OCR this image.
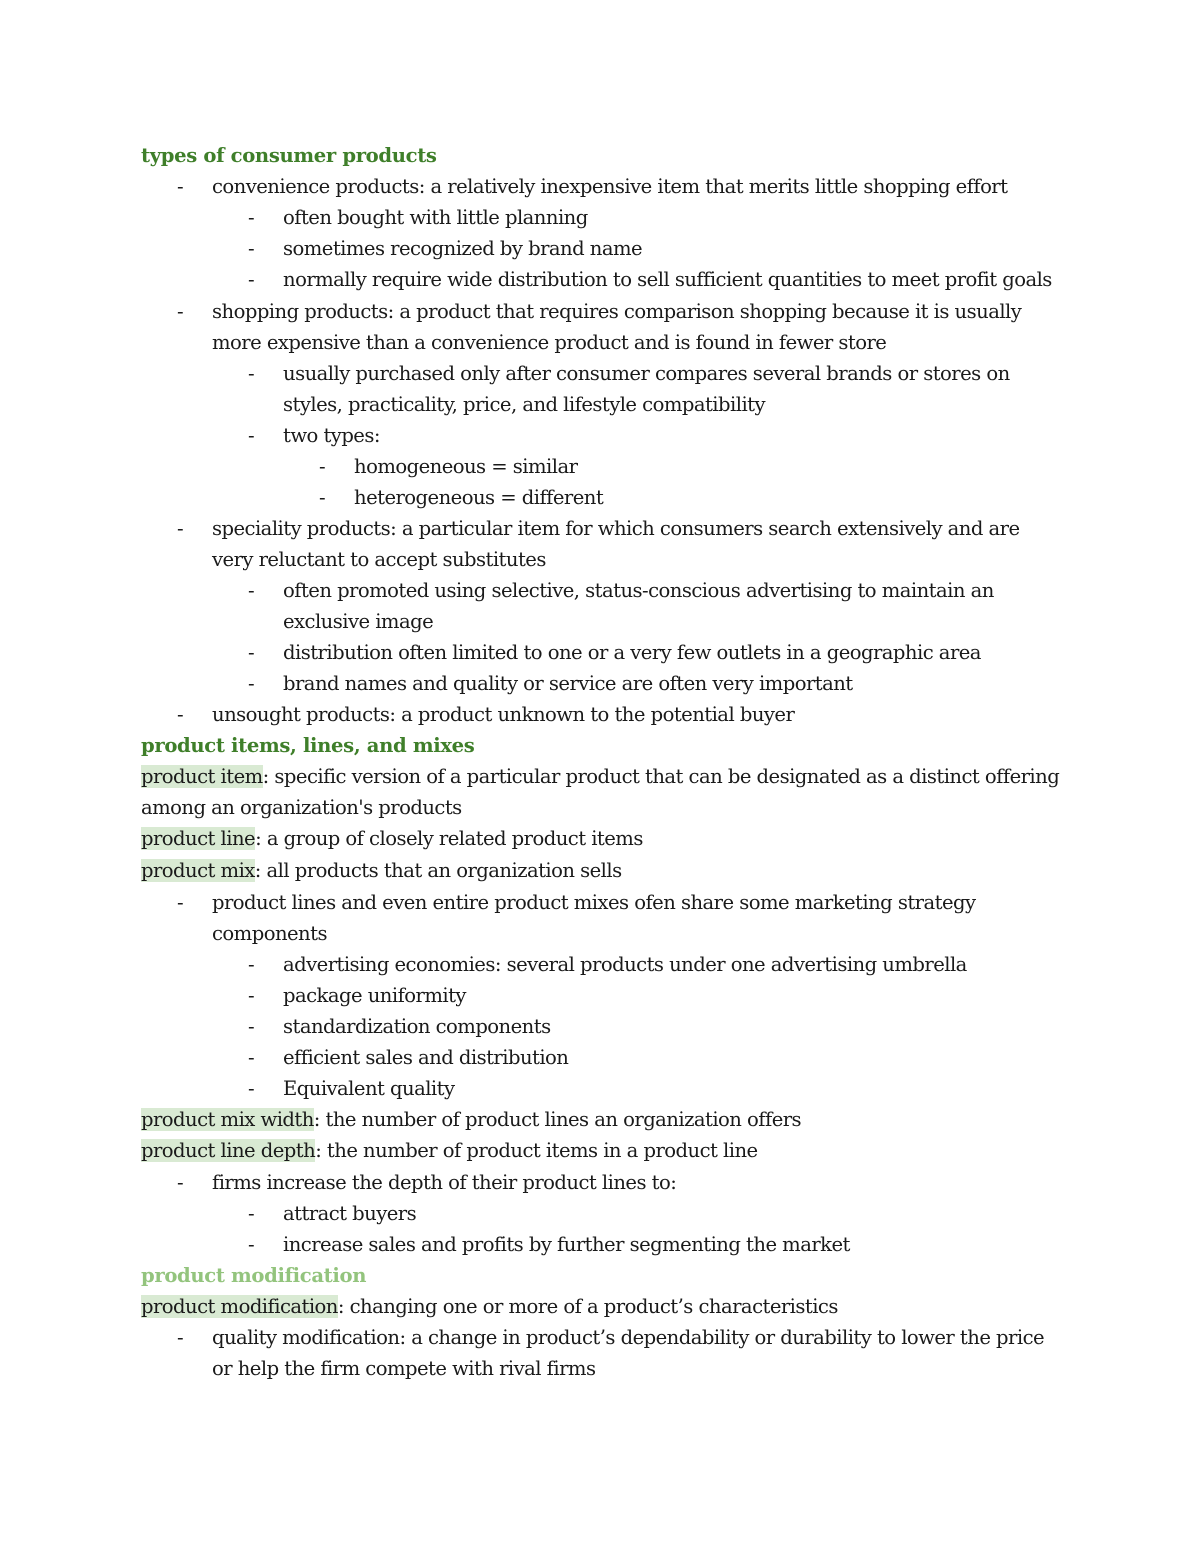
types of consumer products
- convenience products: a relatively inexpensive item that merits little shopping effort
- often bought with little planning
- sometimes recognized by brand name
- normally require wide distribution to sell sufficient quantities to meet profit goals
- shopping products: a product that requires comparison shopping because it is usually
more expensive than a convenience product and is found in fewer store
- usually purchased only after consumer compares several brands or stores on
styles, practicality, price, and lifestyle compatibility
- two types:
- homogeneous = similar
- heterogeneous = different
- speciality products: a particular item for which consumers search extensively and are
very reluctant to accept substitutes
- often promoted using selective, status-conscious advertising to maintain an
exclusive image
- distribution often limited to one or a very few outlets in a geographic area
- brand names and quality or service are often very important
- unsought products: a product unknown to the potential buyer
product items, lines, and mixes
product item: specific version of a particular product that can be designated as a distinct offering
among an organization's products
product line: a group of closely related product items
product mix: all products that an organization sells
- product lines and even entire product mixes ofen share some marketing strategy
components
- advertising economies: several products under one advertising umbrella
- package uniformity
- standardization components
- efficient sales and distribution
- Equivalent quality
product mix width: the number of product lines an organization offers
product line depth: the number of product items in a product line
- firms increase the depth of their product lines to:
- attract buyers
- increase sales and profits by further segmenting the market
product modification
product modification: changing one or more of a product’s characteristics
- quality modification: a change in product’s dependability or durability to lower the price
or help the firm compete with rival firms
